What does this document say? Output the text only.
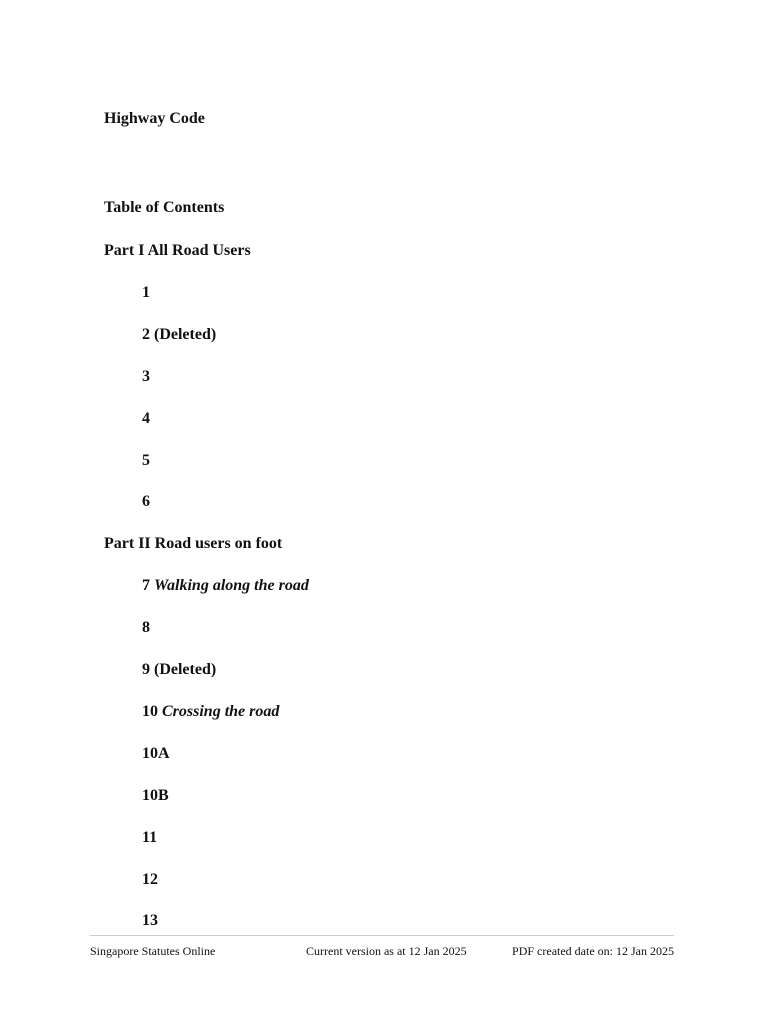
Highway Code
Table of Contents
Part I All Road Users
1
2 (Deleted)
3
4
5
6
Part II Road users on foot
7 Walking along the road
8
9 (Deleted)
10 Crossing the road
10A
10B
11
12
13
Singapore Statutes Online	Current version as at 12 Jan 2025	PDF created date on: 12 Jan 2025
